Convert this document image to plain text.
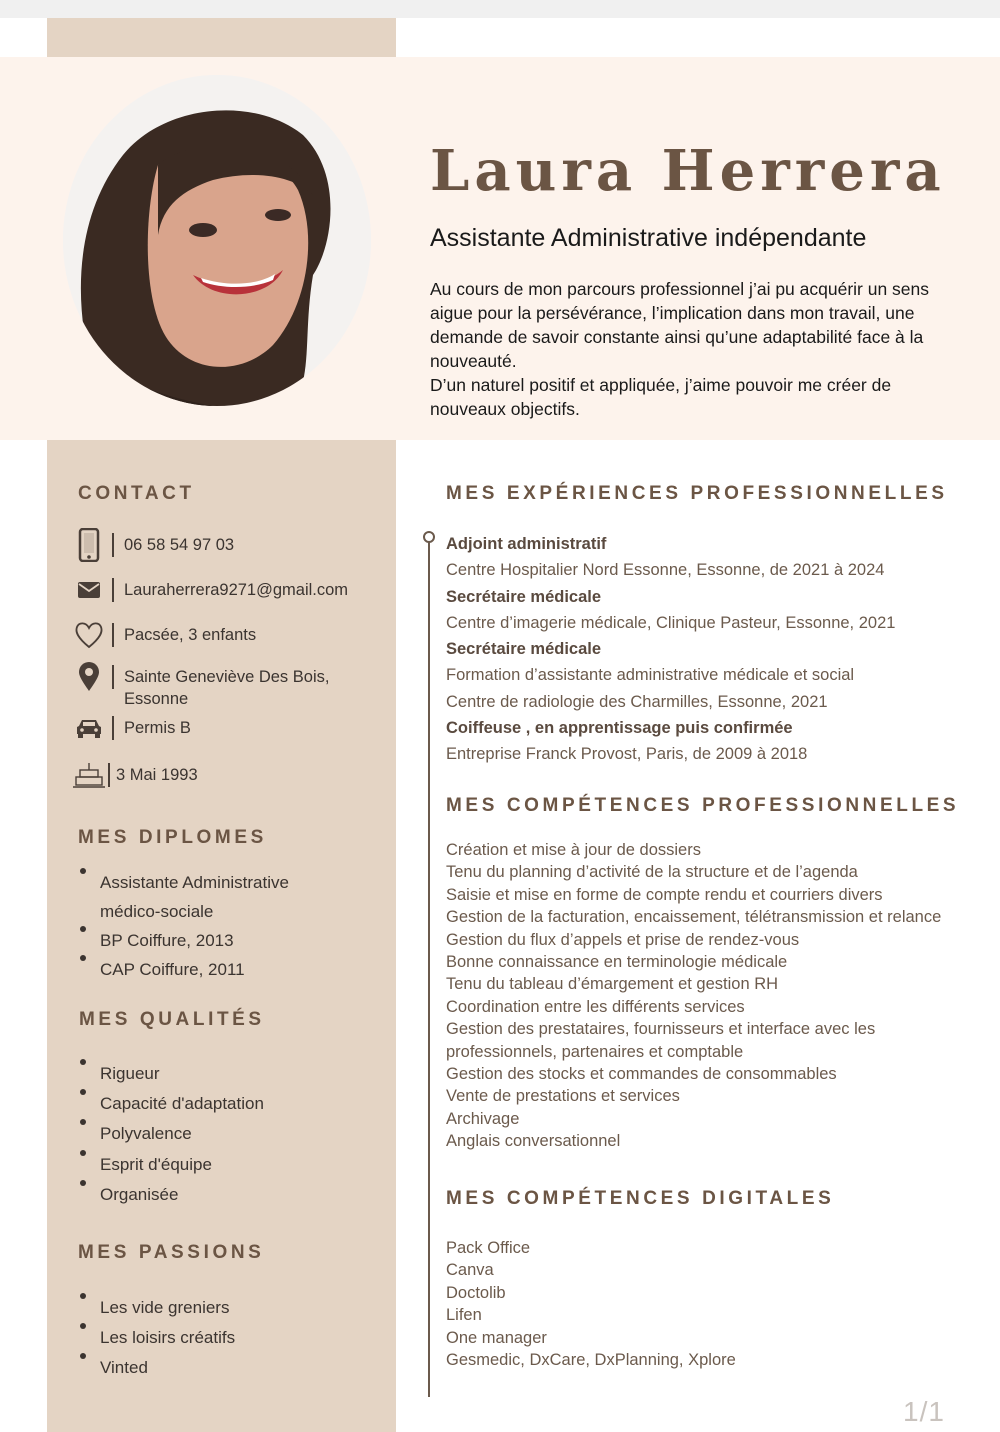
Laura Herrera
Assistante Administrative indépendante

Au cours de mon parcours professionnel j’ai pu acquérir un sens aigue pour la persévérance, l’implication dans mon travail, une demande de savoir constante ainsi qu’une adaptabilité face à la nouveauté.

D’un naturel positif et appliquée, j’aime pouvoir me créer de nouveaux objectifs.

CONTACT
06 58 54 97 03
Lauraherrera9271@gmail.com
Pacsée, 3 enfants
Sainte Geneviève Des Bois, Essonne
Permis B
3 Mai 1993
MES DIPLOMES
Assistante Administrative médico-sociale
BP Coiffure, 2013
CAP Coiffure, 2011
MES QUALITÉS
Rigueur
Capacité d'adaptation
Polyvalence
Esprit d'équipe
Organisée
MES PASSIONS
Les vide greniers
Les loisirs créatifs
Vinted
MES EXPÉRIENCES PROFESSIONNELLES
Adjoint administratif
Centre Hospitalier Nord Essonne, Essonne, de 2021 à 2024
Secrétaire médicale
Centre d’imagerie médicale, Clinique Pasteur, Essonne, 2021
Secrétaire médicale
Formation d’assistante administrative médicale et social
Centre de radiologie des Charmilles, Essonne, 2021
Coiffeuse , en apprentissage puis confirmée
Entreprise Franck Provost, Paris, de 2009 à 2018
MES COMPÉTENCES PROFESSIONNELLES
Création et mise à jour de dossiers
Tenu du planning d’activité de la structure et de l’agenda
Saisie et mise en forme de compte rendu et courriers divers
Gestion de la facturation, encaissement, télétransmission et relance
Gestion du flux d’appels et prise de rendez-vous
Bonne connaissance en terminologie médicale
Tenu du tableau d’émargement et gestion RH
Coordination entre les différents services
Gestion des prestataires, fournisseurs et interface avec les professionnels, partenaires et comptable
Gestion des stocks et commandes de consommables
Vente de prestations et services
Archivage
Anglais conversationnel
MES COMPÉTENCES DIGITALES
Pack Office
Canva
Doctolib
Lifen
One manager
Gesmedic, DxCare, DxPlanning, Xplore
1/1
